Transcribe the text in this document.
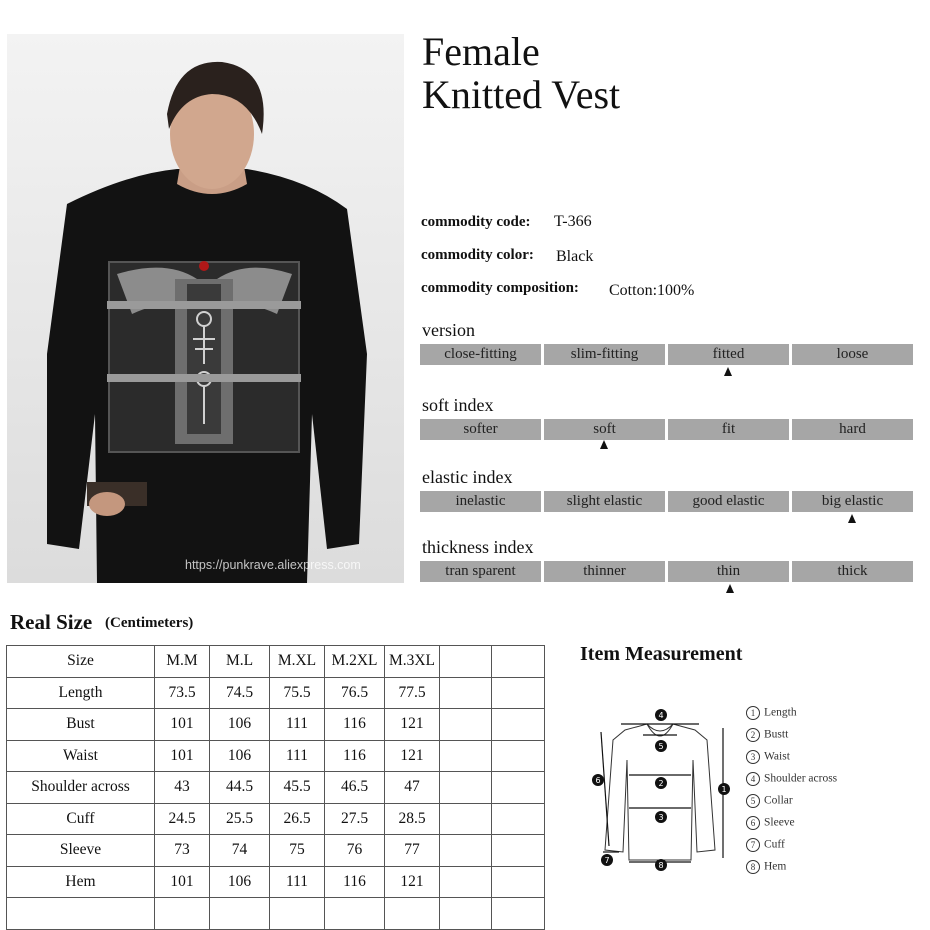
https://punkrave.aliexpress.com
Female
Knitted Vest
commodity code: T-366
commodity color: Black
commodity composition: Cotton:100%
version
close-fitting	slim-fitting	fitted	loose
soft index
softer	soft	fit	hard
elastic index
inelastic	slight elastic	good elastic	big elastic
thickness index
tran sparent	thinner	thin	thick
Real Size (Centimeters)
Size	M.M	M.L	M.XL	M.2XL	M.3XL		
Length	73.5	74.5	75.5	76.5	77.5		
Bust	101	106	111	116	121		
Waist	101	106	111	116	121		
Shoulder across	43	44.5	45.5	46.5	47		
Cuff	24.5	25.5	26.5	27.5	28.5		
Sleeve	73	74	75	76	77		
Hem	101	106	111	116	121		

Item Measurement
4
5
2
3
8
6
1
7
1 Length
2 Bustt
3 Waist
4 Shoulder across
5 Collar
6 Sleeve
7 Cuff
8 Hem
